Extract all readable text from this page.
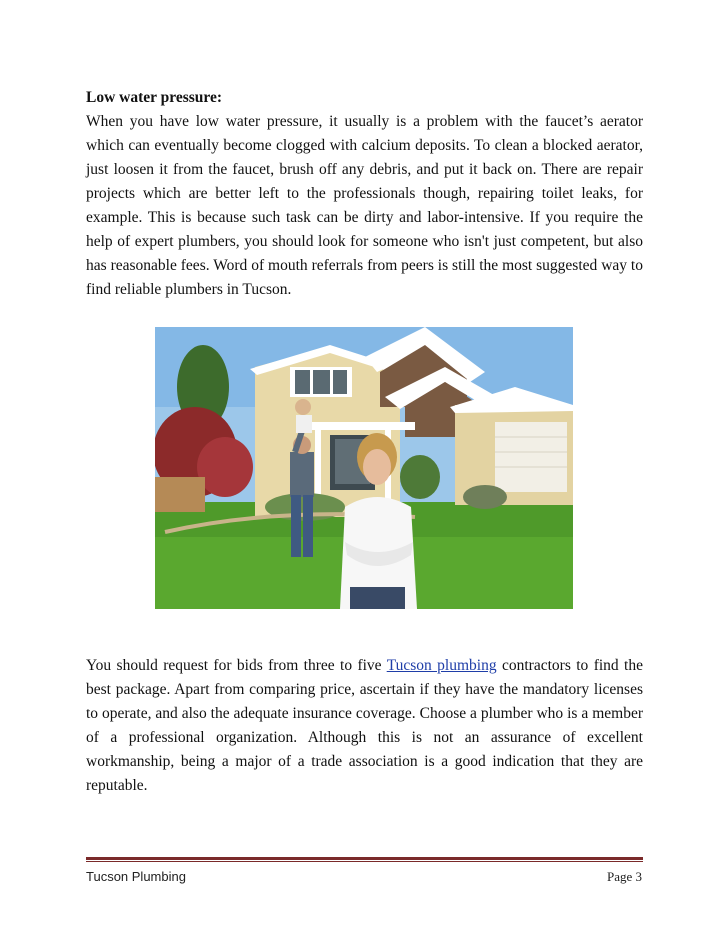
Low water pressure:
When you have low water pressure, it usually is a problem with the faucet’s aerator which can eventually become clogged with calcium deposits. To clean a blocked aerator, just loosen it from the faucet, brush off any debris, and put it back on. There are repair projects which are better left to the professionals though, repairing toilet leaks, for example. This is because such task can be dirty and labor-intensive. If you require the help of expert plumbers, you should look for someone who isn't just competent, but also has reasonable fees. Word of mouth referrals from peers is still the most suggested way to find reliable plumbers in Tucson.
You should request for bids from three to five Tucson plumbing contractors to find the best package. Apart from comparing price, ascertain if they have the mandatory licenses to operate, and also the adequate insurance coverage. Choose a plumber who is a member of a professional organization. Although this is not an assurance of excellent workmanship, being a major of a trade association is a good indication that they are reputable.
Tucson Plumbing	Page 3
